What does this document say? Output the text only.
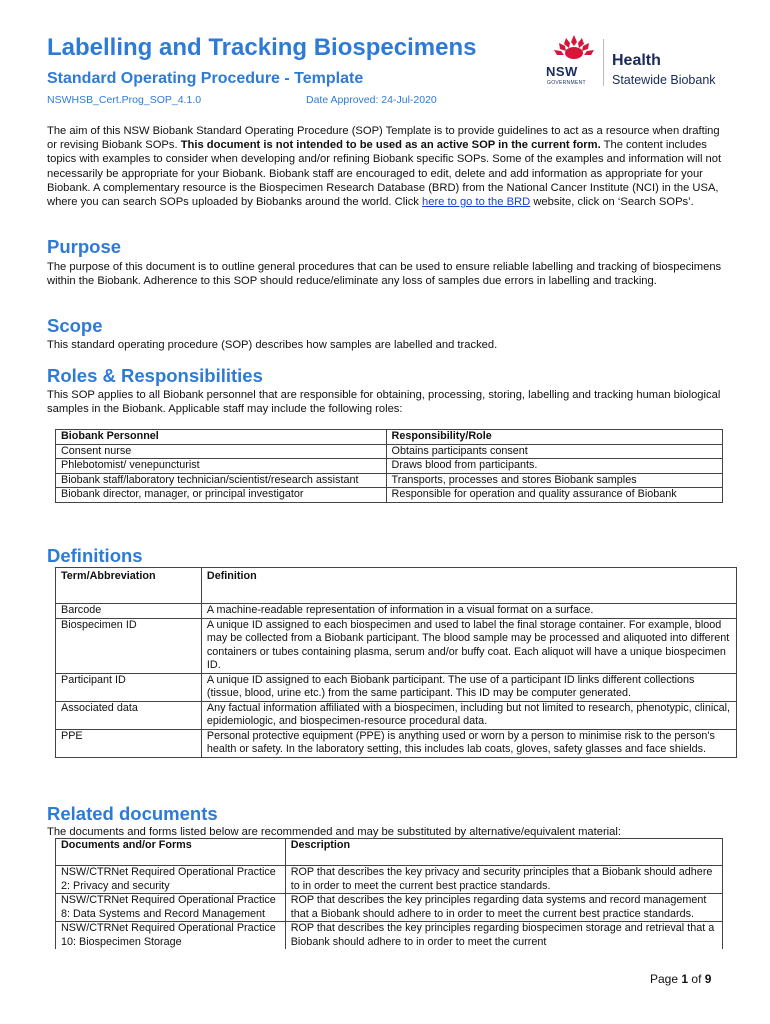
Labelling and Tracking Biospecimens
Standard Operating Procedure - Template
NSWHSB_Cert.Prog_SOP_4.1.0	Date Approved: 24-Jul-2020
NSW
GOVERNMENT
Health
Statewide Biobank
The aim of this NSW Biobank Standard Operating Procedure (SOP) Template is to provide guidelines to act as a resource when drafting or revising Biobank SOPs. This document is not intended to be used as an active SOP in the current form. The content includes topics with examples to consider when developing and/or refining Biobank specific SOPs. Some of the examples and information will not necessarily be appropriate for your Biobank. Biobank staff are encouraged to edit, delete and add information as appropriate for your Biobank. A complementary resource is the Biospecimen Research Database (BRD) from the National Cancer Institute (NCI) in the USA, where you can search SOPs uploaded by Biobanks around the world. Click here to go to the BRD website, click on ‘Search SOPs’.
Purpose
The purpose of this document is to outline general procedures that can be used to ensure reliable labelling and tracking of biospecimens within the Biobank. Adherence to this SOP should reduce/eliminate any loss of samples due errors in labelling and tracking.
Scope
This standard operating procedure (SOP) describes how samples are labelled and tracked.
Roles & Responsibilities
This SOP applies to all Biobank personnel that are responsible for obtaining, processing, storing, labelling and tracking human biological samples in the Biobank. Applicable staff may include the following roles:
Biobank Personnel	Responsibility/Role
Consent nurse	Obtains participants consent
Phlebotomist/ venepuncturist	Draws blood from participants.
Biobank staff/laboratory technician/scientist/research assistant	Transports, processes and stores Biobank samples
Biobank director, manager, or principal investigator	Responsible for operation and quality assurance of Biobank
Definitions
Term/Abbreviation	Definition
Barcode	A machine-readable representation of information in a visual format on a surface.
Biospecimen ID	A unique ID assigned to each biospecimen and used to label the final storage container. For example, blood may be collected from a Biobank participant. The blood sample may be processed and aliquoted into different containers or tubes containing plasma, serum and/or buffy coat. Each aliquot will have a unique biospecimen ID.
Participant ID	A unique ID assigned to each Biobank participant. The use of a participant ID links different collections (tissue, blood, urine etc.) from the same participant. This ID may be computer generated.
Associated data	Any factual information affiliated with a biospecimen, including but not limited to research, phenotypic, clinical, epidemiologic, and biospecimen-resource procedural data.
PPE	Personal protective equipment (PPE) is anything used or worn by a person to minimise risk to the person's health or safety. In the laboratory setting, this includes lab coats, gloves, safety glasses and face shields.
Related documents
The documents and forms listed below are recommended and may be substituted by alternative/equivalent material:
Documents and/or Forms	Description
NSW/CTRNet Required Operational Practice 2: Privacy and security	ROP that describes the key privacy and security principles that a Biobank should adhere to in order to meet the current best practice standards.
NSW/CTRNet Required Operational Practice 8: Data Systems and Record Management	ROP that describes the key principles regarding data systems and record management that a Biobank should adhere to in order to meet the current best practice standards.
NSW/CTRNet Required Operational Practice 10: Biospecimen Storage	ROP that describes the key principles regarding biospecimen storage and retrieval that a Biobank should adhere to in order to meet the current
Page 1 of 9
